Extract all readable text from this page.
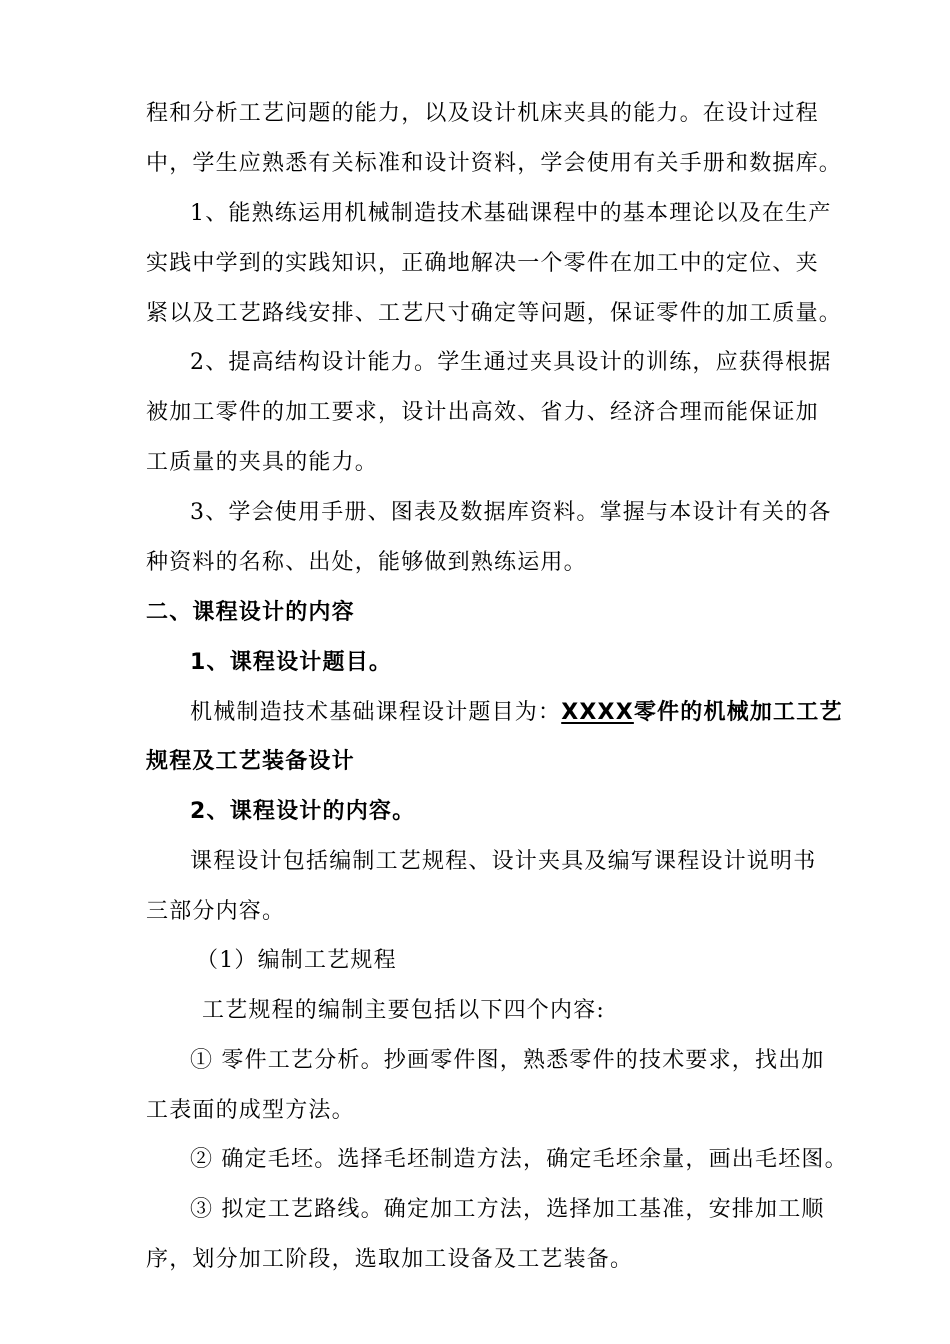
程和分析工艺问题的能力，以及设计机床夹具的能力。在设计过程
中，学生应熟悉有关标准和设计资料，学会使用有关手册和数据库。
1、能熟练运用机械制造技术基础课程中的基本理论以及在生产
实践中学到的实践知识，正确地解决一个零件在加工中的定位、夹
紧以及工艺路线安排、工艺尺寸确定等问题，保证零件的加工质量。
2、提高结构设计能力。学生通过夹具设计的训练，应获得根据
被加工零件的加工要求，设计出高效、省力、经济合理而能保证加
工质量的夹具的能力。
3、学会使用手册、图表及数据库资料。掌握与本设计有关的各
种资料的名称、出处，能够做到熟练运用。
二、课程设计的内容
1、课程设计题目。
机械制造技术基础课程设计题目为：XXXX零件的机械加工工艺
规程及工艺装备设计
2、课程设计的内容。
课程设计包括编制工艺规程、设计夹具及编写课程设计说明书
三部分内容。
（1）编制工艺规程
工艺规程的编制主要包括以下四个内容:
① 零件工艺分析。抄画零件图，熟悉零件的技术要求，找出加
工表面的成型方法。
② 确定毛坯。选择毛坯制造方法，确定毛坯余量，画出毛坯图。
③ 拟定工艺路线。确定加工方法，选择加工基准，安排加工顺
序，划分加工阶段，选取加工设备及工艺装备。
